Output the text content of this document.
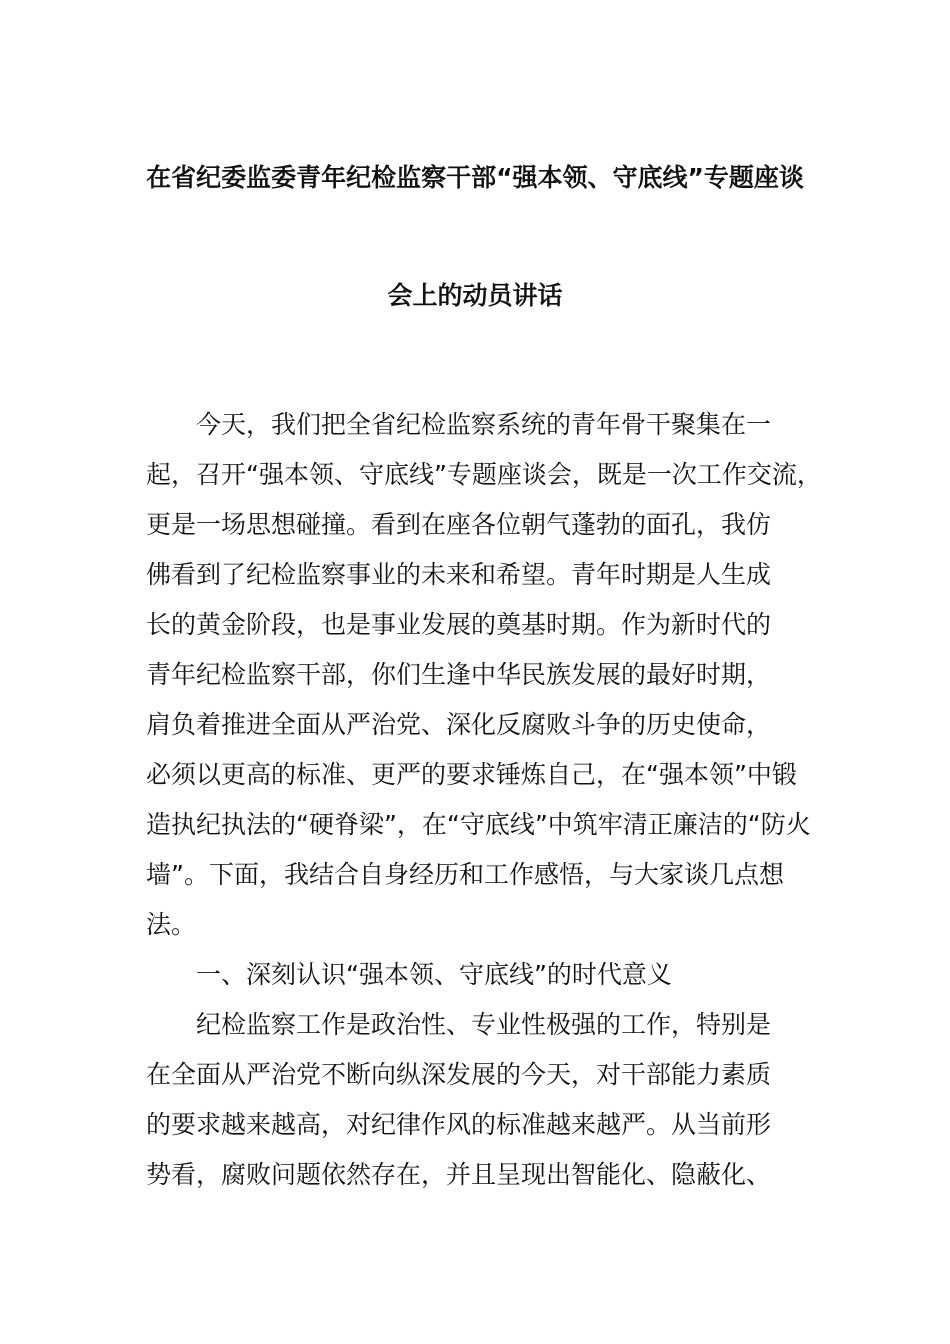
在省纪委监委青年纪检监察干部“强本领、守底线”专题座谈
会上的动员讲话
今天，我们把全省纪检监察系统的青年骨干聚集在一
起，召开“强本领、守底线”专题座谈会，既是一次工作交流，
更是一场思想碰撞。看到在座各位朝气蓬勃的面孔，我仿
佛看到了纪检监察事业的未来和希望。青年时期是人生成
长的黄金阶段，也是事业发展的奠基时期。作为新时代的
青年纪检监察干部，你们生逢中华民族发展的最好时期，
肩负着推进全面从严治党、深化反腐败斗争的历史使命，
必须以更高的标准、更严的要求锤炼自己，在“强本领”中锻
造执纪执法的“硬脊梁”，在“守底线”中筑牢清正廉洁的“防火
墙”。下面，我结合自身经历和工作感悟，与大家谈几点想
法。
一、深刻认识“强本领、守底线”的时代意义
纪检监察工作是政治性、专业性极强的工作，特别是
在全面从严治党不断向纵深发展的今天，对干部能力素质
的要求越来越高，对纪律作风的标准越来越严。从当前形
势看，腐败问题依然存在，并且呈现出智能化、隐蔽化、
